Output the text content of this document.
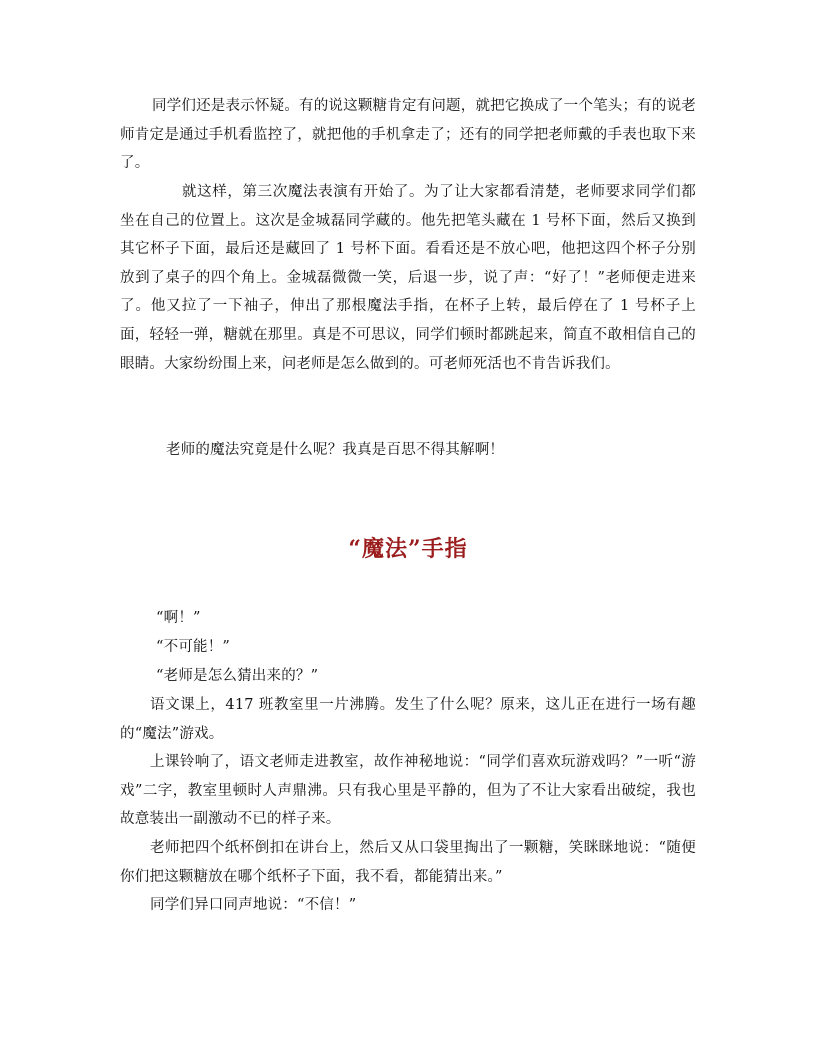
同学们还是表示怀疑。有的说这颗糖肯定有问题，就把它换成了一个笔头；有的说老师肯定是通过手机看监控了，就把他的手机拿走了；还有的同学把老师戴的手表也取下来了。

就这样，第三次魔法表演有开始了。为了让大家都看清楚，老师要求同学们都坐在自己的位置上。这次是金城磊同学藏的。他先把笔头藏在 1 号杯下面，然后又换到其它杯子下面，最后还是藏回了 1 号杯下面。看看还是不放心吧，他把这四个杯子分别放到了桌子的四个角上。金城磊微微一笑，后退一步，说了声：“好了！”老师便走进来了。他又拉了一下袖子，伸出了那根魔法手指，在杯子上转，最后停在了 1 号杯子上面，轻轻一弹，糖就在那里。真是不可思议，同学们顿时都跳起来，简直不敢相信自己的眼睛。大家纷纷围上来，问老师是怎么做到的。可老师死活也不肯告诉我们。

老师的魔法究竟是什么呢？我真是百思不得其解啊！

“魔法”手指

“啊！”

“不可能！”

“老师是怎么猜出来的？”

语文课上，417 班教室里一片沸腾。发生了什么呢？原来，这儿正在进行一场有趣的“魔法”游戏。

上课铃响了，语文老师走进教室，故作神秘地说：“同学们喜欢玩游戏吗？”一听“游戏”二字，教室里顿时人声鼎沸。只有我心里是平静的，但为了不让大家看出破绽，我也故意装出一副激动不已的样子来。

老师把四个纸杯倒扣在讲台上，然后又从口袋里掏出了一颗糖，笑眯眯地说：“随便你们把这颗糖放在哪个纸杯子下面，我不看，都能猜出来。”

同学们异口同声地说：“不信！”
